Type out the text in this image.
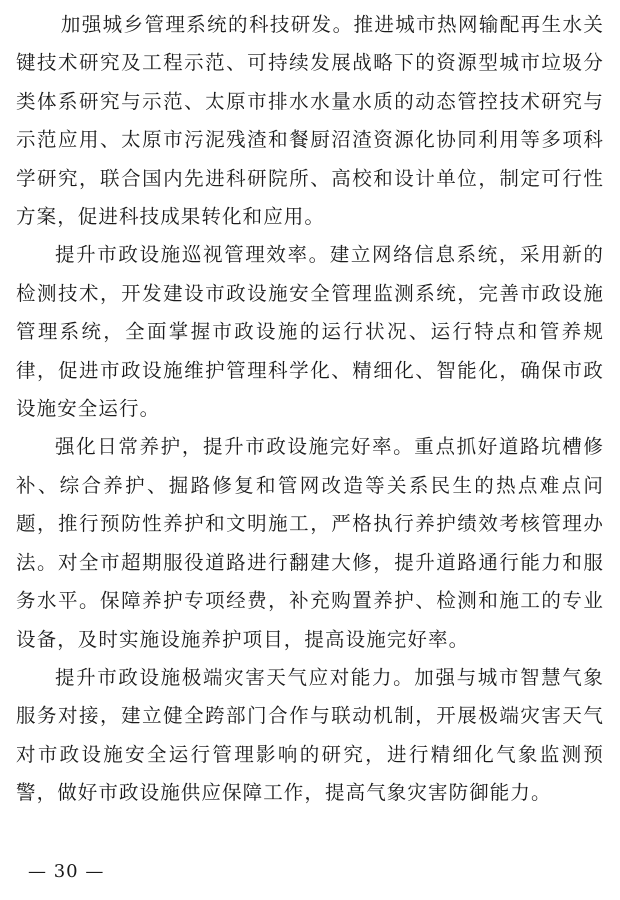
加强城乡管理系统的科技研发。推进城市热网输配再生水关键技术研究及工程示范、可持续发展战略下的资源型城市垃圾分类体系研究与示范、太原市排水水量水质的动态管控技术研究与示范应用、太原市污泥残渣和餐厨沼渣资源化协同利用等多项科学研究，联合国内先进科研院所、高校和设计单位，制定可行性方案，促进科技成果转化和应用。

提升市政设施巡视管理效率。建立网络信息系统，采用新的检测技术，开发建设市政设施安全管理监测系统，完善市政设施管理系统，全面掌握市政设施的运行状况、运行特点和管养规律，促进市政设施维护管理科学化、精细化、智能化，确保市政设施安全运行。

强化日常养护，提升市政设施完好率。重点抓好道路坑槽修补、综合养护、掘路修复和管网改造等关系民生的热点难点问题，推行预防性养护和文明施工，严格执行养护绩效考核管理办法。对全市超期服役道路进行翻建大修，提升道路通行能力和服务水平。保障养护专项经费，补充购置养护、检测和施工的专业设备，及时实施设施养护项目，提高设施完好率。

提升市政设施极端灾害天气应对能力。加强与城市智慧气象服务对接，建立健全跨部门合作与联动机制，开展极端灾害天气对市政设施安全运行管理影响的研究，进行精细化气象监测预警，做好市政设施供应保障工作，提高气象灾害防御能力。

— 30 —
